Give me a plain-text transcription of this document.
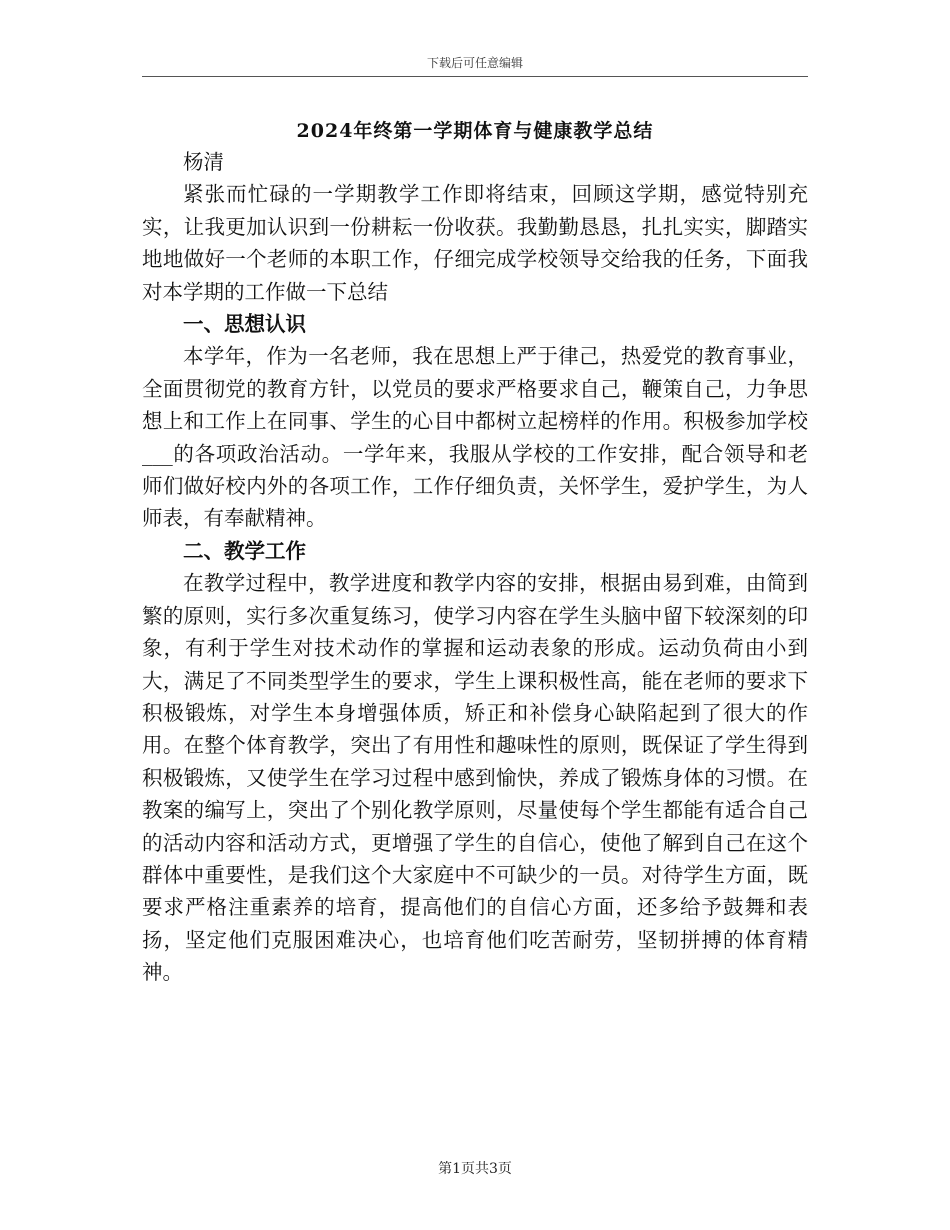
下载后可任意编辑
2024年终第一学期体育与健康教学总结

杨清

紧张而忙碌的一学期教学工作即将结束，回顾这学期，感觉特别充实，让我更加认识到一份耕耘一份收获。我勤勤恳恳，扎扎实实，脚踏实地地做好一个老师的本职工作，仔细完成学校领导交给我的任务，下面我对本学期的工作做一下总结

一、思想认识

本学年，作为一名老师，我在思想上严于律己，热爱党的教育事业，全面贯彻党的教育方针，以党员的要求严格要求自己，鞭策自己，力争思想上和工作上在同事、学生的心目中都树立起榜样的作用。积极参加学校___的各项政治活动。一学年来，我服从学校的工作安排，配合领导和老师们做好校内外的各项工作，工作仔细负责，关怀学生，爱护学生，为人师表，有奉献精神。

二、教学工作

在教学过程中，教学进度和教学内容的安排，根据由易到难，由简到繁的原则，实行多次重复练习，使学习内容在学生头脑中留下较深刻的印象，有利于学生对技术动作的掌握和运动表象的形成。运动负荷由小到大，满足了不同类型学生的要求，学生上课积极性高，能在老师的要求下积极锻炼，对学生本身增强体质，矫正和补偿身心缺陷起到了很大的作用。在整个体育教学，突出了有用性和趣味性的原则，既保证了学生得到积极锻炼，又使学生在学习过程中感到愉快，养成了锻炼身体的习惯。在教案的编写上，突出了个别化教学原则，尽量使每个学生都能有适合自己的活动内容和活动方式，更增强了学生的自信心，使他了解到自己在这个群体中重要性，是我们这个大家庭中不可缺少的一员。对待学生方面，既要求严格注重素养的培育，提高他们的自信心方面，还多给予鼓舞和表扬，坚定他们克服困难决心，也培育他们吃苦耐劳，坚韧拼搏的体育精神。

第1页共3页
